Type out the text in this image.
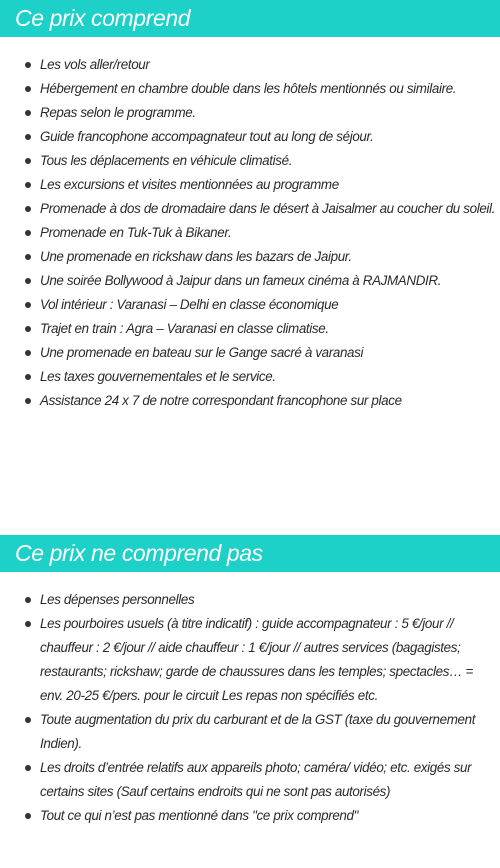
Ce prix comprend
Les vols aller/retour
Hébergement en chambre double dans les hôtels mentionnés ou similaire.
Repas selon le programme.
Guide francophone accompagnateur tout au long de séjour.
Tous les déplacements en véhicule climatisé.
Les excursions et visites mentionnées au programme
Promenade à dos de dromadaire dans le désert à Jaisalmer au coucher du soleil.
Promenade en Tuk-Tuk à Bikaner.
Une promenade en rickshaw dans les bazars de Jaipur.
Une soirée Bollywood à Jaipur dans un fameux cinéma à RAJMANDIR.
Vol intérieur : Varanasi – Delhi en classe économique
Trajet en train : Agra – Varanasi en classe climatise.
Une promenade en bateau sur le Gange sacré à varanasi
Les taxes gouvernementales et le service.
Assistance 24 x 7 de notre correspondant francophone sur place
Ce prix ne comprend pas
Les dépenses personnelles
Les pourboires usuels (à titre indicatif) : guide accompagnateur : 5 €/jour // chauffeur : 2 €/jour // aide chauffeur : 1 €/jour // autres services (bagagistes; restaurants; rickshaw; garde de chaussures dans les temples; spectacles… = env. 20-25 €/pers. pour le circuit Les repas non spécifiés etc.
Toute augmentation du prix du carburant et de la GST (taxe du gouvernement Indien).
Les droits d’entrée relatifs aux appareils photo; caméra/ vidéo; etc. exigés sur certains sites (Sauf certains endroits qui ne sont pas autorisés)
Tout ce qui n’est pas mentionné dans "ce prix comprend"
